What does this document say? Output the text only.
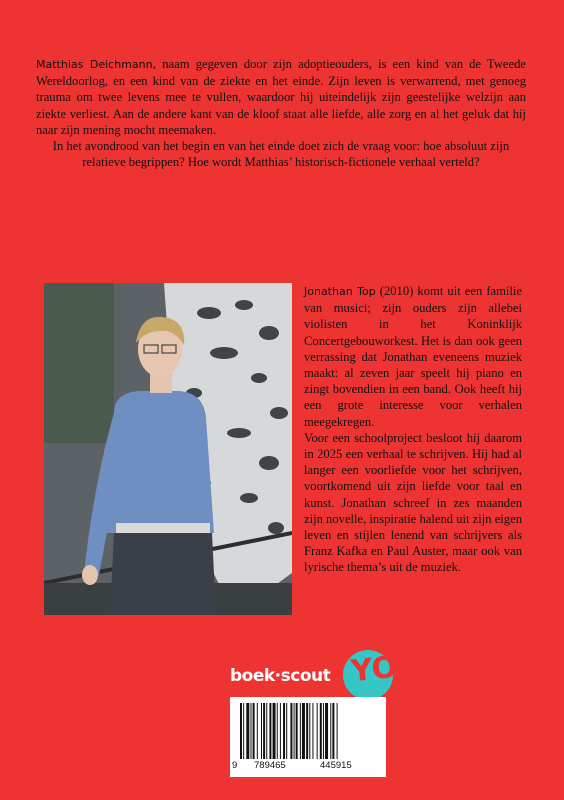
Matthias Deichmann, naam gegeven door zijn adoptieouders, is een kind van de Tweede Wereldoorlog, en een kind van de ziekte en het einde. Zijn leven is verwarrend, met genoeg trauma om twee levens mee te vullen, waardoor hij uiteindelijk zijn geestelijke welzijn aan ziekte verliest. Aan de andere kant van de kloof staat alle liefde, alle zorg en al het geluk dat hij naar zijn mening mocht meemaken.

In het avondrood van het begin en van het einde doet zich de vraag voor: hoe absoluut zijn relatieve begrippen? Hoe wordt Matthias’ historisch-fictionele verhaal verteld?

Jonathan Top (2010) komt uit een familie van musici; zijn ouders zijn allebei violisten in het Koninklijk Concertgebouworkest. Het is dan ook geen verrassing dat Jonathan eveneens muziek maakt: al zeven jaar speelt hij piano en zingt bovendien in een band. Ook heeft hij een grote interesse voor verhalen meegekregen.

Voor een schoolproject besloot hij daarom in 2025 een verhaal te schrijven. Hij had al langer een voorliefde voor het schrijven, voortkomend uit zijn liefde voor taal en kunst. Jonathan schreef in zes maanden zijn novelle, inspiratie halend uit zijn eigen leven en stijlen lenend van schrijvers als Franz Kafka en Paul Auster, maar ook van lyrische thema’s uit de muziek.

boek·scout YO
9 789465	445915
